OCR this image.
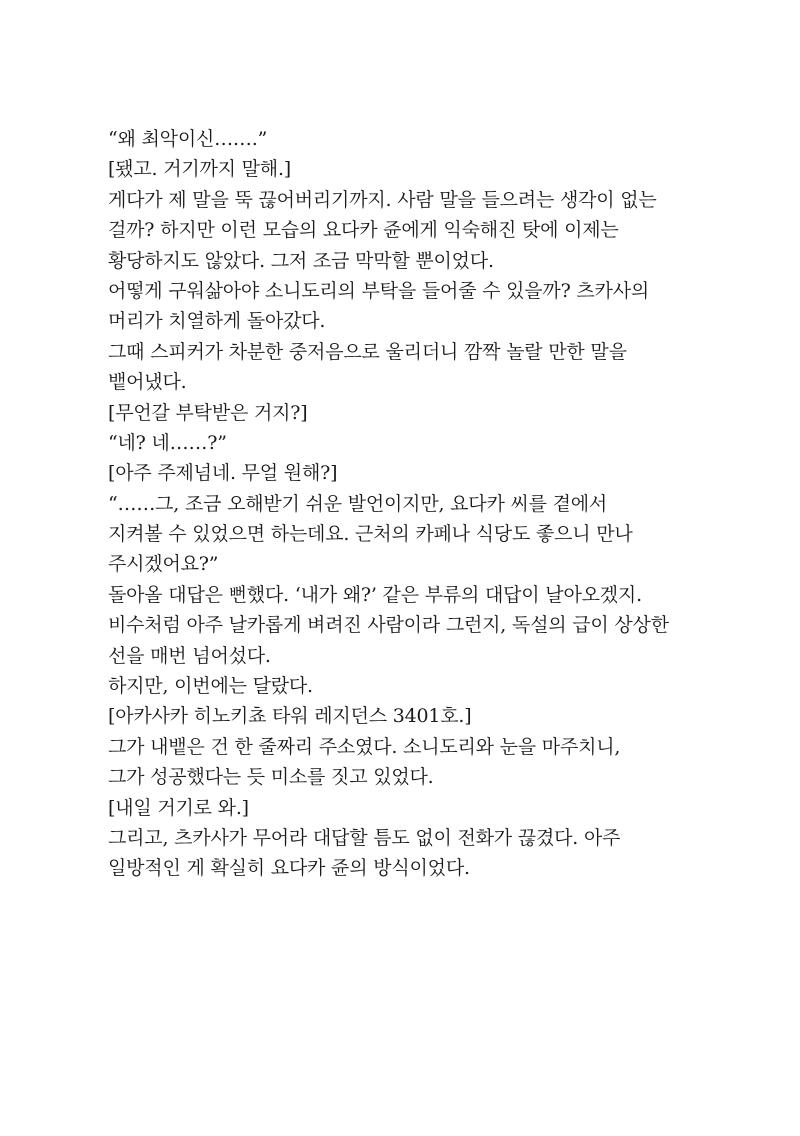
“왜 최악이신…….”
[됐고. 거기까지 말해.]
게다가 제 말을 뚝 끊어버리기까지. 사람 말을 들으려는 생각이 없는
걸까? 하지만 이런 모습의 요다카 쥰에게 익숙해진 탓에 이제는
황당하지도 않았다. 그저 조금 막막할 뿐이었다.
어떻게 구워삶아야 소니도리의 부탁을 들어줄 수 있을까? 츠카사의
머리가 치열하게 돌아갔다.
그때 스피커가 차분한 중저음으로 울리더니 깜짝 놀랄 만한 말을
뱉어냈다.
[무언갈 부탁받은 거지?]
“네? 네……?”
[아주 주제넘네. 무얼 원해?]
“……그, 조금 오해받기 쉬운 발언이지만, 요다카 씨를 곁에서
지켜볼 수 있었으면 하는데요. 근처의 카페나 식당도 좋으니 만나
주시겠어요?”
돌아올 대답은 뻔했다. ‘내가 왜?’ 같은 부류의 대답이 날아오겠지.
비수처럼 아주 날카롭게 벼려진 사람이라 그런지, 독설의 급이 상상한
선을 매번 넘어섰다.
하지만, 이번에는 달랐다.
[아카사카 히노키쵸 타워 레지던스 3401호.]
그가 내뱉은 건 한 줄짜리 주소였다. 소니도리와 눈을 마주치니,
그가 성공했다는 듯 미소를 짓고 있었다.
[내일 거기로 와.]
그리고, 츠카사가 무어라 대답할 틈도 없이 전화가 끊겼다. 아주
일방적인 게 확실히 요다카 쥰의 방식이었다.
